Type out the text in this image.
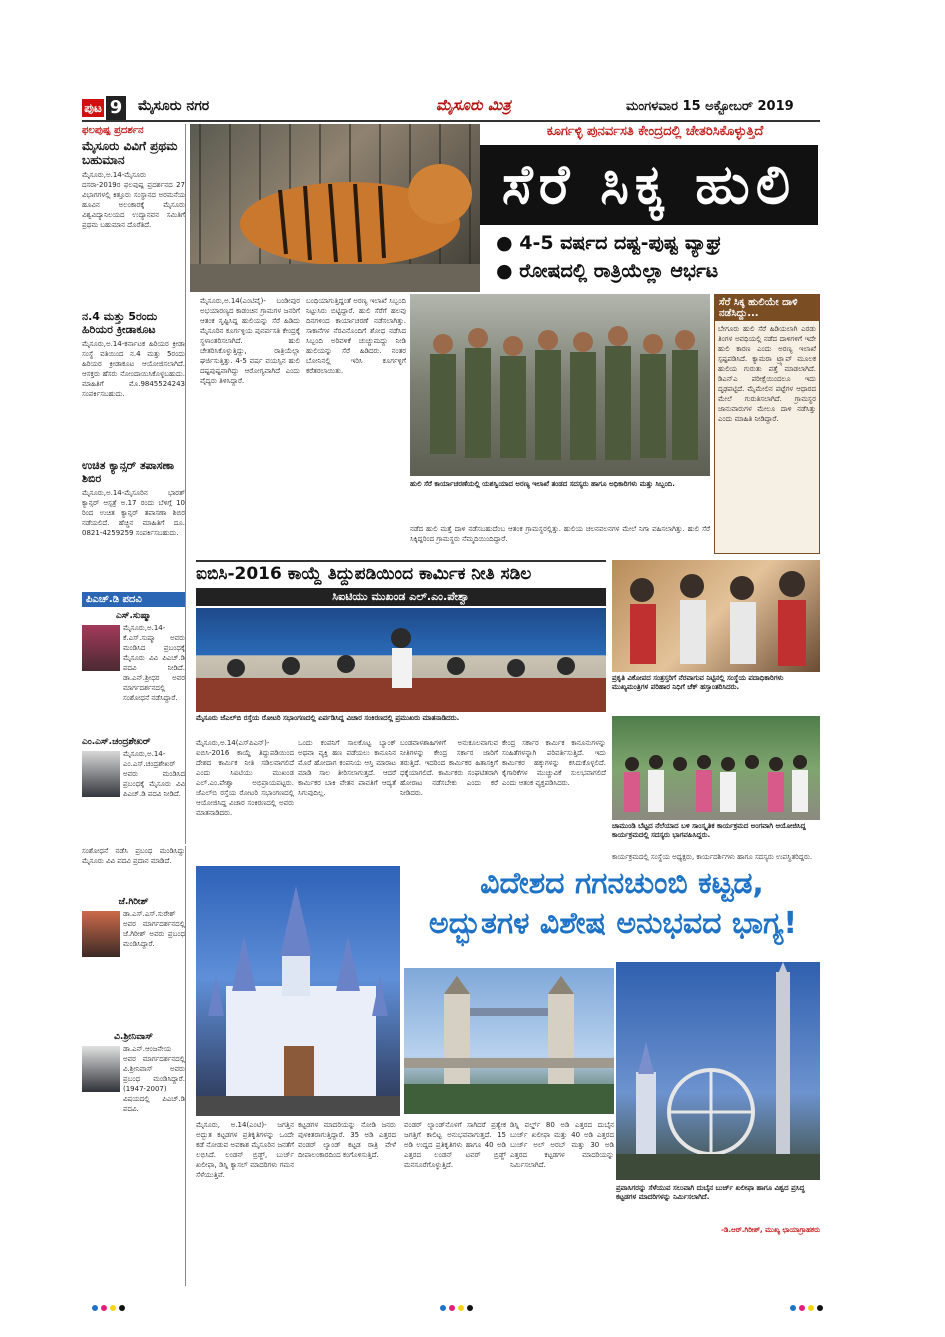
ಪುಟ 9 ಮೈಸೂರು ನಗರ	ಮೈಸೂರು ಮಿತ್ರ	ಮಂಗಳವಾರ 15 ಅಕ್ಟೋಬರ್ 2019
ಫಲಪುಷ್ಪ ಪ್ರದರ್ಶನ
ಮೈಸೂರು ವಿವಿಗೆ ಪ್ರಥಮ ಬಹುಮಾನ
ಮೈಸೂರು,ಅ.14-ಮೈಸೂರು ದಸರಾ-2019ರ ಫಲಪುಷ್ಪ ಪ್ರದರ್ಶನದ 27 ವಿಭಾಗಗಳಲ್ಲಿ ಕಿತ್ತೂರು ಸಂಸ್ಥಾನದ ಅರಮನೆಯ ಹೂವಿನ ಅಲಂಕಾರಕ್ಕೆ ಮೈಸೂರು ವಿಶ್ವವಿದ್ಯಾನಿಲಯದ ಉದ್ಯಾನವನ ಸಮಿತಿಗೆ ಪ್ರಥಮ ಬಹುಮಾನ ದೊರೆತಿದೆ.
ನ.4 ಮತ್ತು 5ರಂದು ಹಿರಿಯರ ಕ್ರೀಡಾಕೂಟ
ಮೈಸೂರು,ಅ.14-ಕರ್ನಾಟಕ ಹಿರಿಯರ ಕ್ರೀಡಾ ಸಂಸ್ಥೆ ವತಿಯಿಂದ ನ.4 ಮತ್ತು 5ರಂದು ಹಿರಿಯರ ಕ್ರೀಡಾಕೂಟ ಆಯೋಜಿಸಲಾಗಿದೆ. ಆಸಕ್ತರು ಹೆಸರು ನೋಂದಾಯಿಸಿಕೊಳ್ಳಬಹುದು. ಮಾಹಿತಿಗೆ ಮೊ.9845524243 ಸಂಪರ್ಕಿಸಬಹುದು.
ಉಚಿತ ಕ್ಯಾನ್ಸರ್ ತಪಾಸಣಾ ಶಿಬಿರ
ಮೈಸೂರು,ಅ.14-ಮೈಸೂರಿನ ಭಾರತ್ ಕ್ಯಾನ್ಸರ್ ಆಸ್ಪತ್ರೆ ಅ.17 ರಂದು ಬೆಳಿಗ್ಗೆ 10 ರಿಂದ ಉಚಿತ ಕ್ಯಾನ್ಸರ್ ತಪಾಸಣಾ ಶಿಬಿರ ನಡೆಯಲಿದೆ. ಹೆಚ್ಚಿನ ಮಾಹಿತಿಗೆ ದೂ. 0821-4259259 ಸಂಪರ್ಕಿಸಬಹುದು.
ಪಿಎಚ್.ಡಿ ಪದವಿ
ಎಸ್.ಸುಷ್ಮಾ
ಮೈಸೂರು,ಅ.14-ಕೆ.ಎಸ್.ಸುಷ್ಮಾ ಅವರು ಮಂಡಿಸಿದ ಪ್ರಬಂಧಕ್ಕೆ ಮೈಸೂರು ವಿವಿ ಪಿಎಚ್.ಡಿ ಪದವಿ ನೀಡಿದೆ. ಡಾ.ಎನ್.ಶ್ರೀಧರ ಅವರ ಮಾರ್ಗದರ್ಶನದಲ್ಲಿ ಸಂಶೋಧನೆ ನಡೆಸಿದ್ದಾರೆ.
ಎಂ.ಎಸ್.ಚಂದ್ರಶೇಖರ್
ಮೈಸೂರು,ಅ.14-ಎಂ.ಎಸ್.ಚಂದ್ರಶೇಖರ್ ಅವರು ಮಂಡಿಸಿದ ಪ್ರಬಂಧಕ್ಕೆ ಮೈಸೂರು ವಿವಿ ಪಿಎಚ್.ಡಿ ಪದವಿ ನೀಡಿದೆ.
ಸಂಶೋಧನೆ ನಡೆಸಿ ಪ್ರಬಂಧ ಮಂಡಿಸಿದ್ದು ಮೈಸೂರು ವಿವಿ ಪದವಿ ಪ್ರದಾನ ಮಾಡಿದೆ.
ಜೆ.ಗಿರೀಶ್
ಡಾ.ಎಸ್.ಎಸ್.ಸುರೇಶ್ ಅವರ ಮಾರ್ಗದರ್ಶನದಲ್ಲಿ ಜೆ.ಗಿರೀಶ್ ಅವರು ಪ್ರಬಂಧ ಮಂಡಿಸಿದ್ದಾರೆ.
ವಿ.ಶ್ರೀನಿವಾಸ್
ಡಾ.ಎನ್.ಆಂಜನೇಯ ಅವರ ಮಾರ್ಗದರ್ಶನದಲ್ಲಿ ವಿ.ಶ್ರೀನಿವಾಸ್ ಅವರು ಪ್ರಬಂಧ ಮಂಡಿಸಿದ್ದಾರೆ. (1947-2007) ವಿಷಯದಲ್ಲಿ ಪಿಎಚ್.ಡಿ ಪದವಿ.
ಕೂರ್ಗಳ್ಳಿ ಪುನರ್ವಸತಿ ಕೇಂದ್ರದಲ್ಲಿ ಚೇತರಿಸಿಕೊಳ್ಳುತ್ತಿದೆ
ಸೆರೆ ಸಿಕ್ಕ ಹುಲಿ
● 4-5 ವರ್ಷದ ದಷ್ಟ-ಪುಷ್ಟ ವ್ಯಾಘ್ರ
● ರೋಷದಲ್ಲಿ ರಾತ್ರಿಯೆಲ್ಲಾ ಆರ್ಭಟ
ಮೈಸೂರು,ಅ.14(ಎಂಟಿವೈ)- ಬಂಡೀಪುರ ಅಭಯಾರಣ್ಯದ ಕಾಡಂಚಿನ ಗ್ರಾಮಗಳ ಜನರಿಗೆ ಆತಂಕ ಸೃಷ್ಟಿಸಿದ್ದ ಹುಲಿಯನ್ನು ಸೆರೆ ಹಿಡಿದು ಮೈಸೂರಿನ ಕೂರ್ಗಳ್ಳಿಯ ಪುನರ್ವಸತಿ ಕೇಂದ್ರಕ್ಕೆ ಸ್ಥಳಾಂತರಿಸಲಾಗಿದೆ. ಹುಲಿ ಚೇತರಿಸಿಕೊಳ್ಳುತ್ತಿದ್ದು, ರಾತ್ರಿಯೆಲ್ಲಾ ಘರ್ಜಿಸುತ್ತಿತ್ತು. 4-5 ವರ್ಷ ವಯಸ್ಸಿನ ಹುಲಿ ದಷ್ಟಪುಷ್ಟವಾಗಿದ್ದು ಆರೋಗ್ಯವಾಗಿದೆ ಎಂದು ವೈದ್ಯರು ತಿಳಿಸಿದ್ದಾರೆ.
ಬಂಧಿಯಾಗುತ್ತಿದ್ದಂತೆ ಅರಣ್ಯ ಇಲಾಖೆ ಸಿಬ್ಬಂದಿ ನಿಟ್ಟುಸಿರು ಬಿಟ್ಟಿದ್ದಾರೆ. ಹುಲಿ ಸೆರೆಗೆ ಹಲವು ದಿನಗಳಿಂದ ಕಾರ್ಯಾಚರಣೆ ನಡೆಸಲಾಗಿತ್ತು. ಸಾಕಾನೆಗಳ ನೆರವಿನೊಂದಿಗೆ ಶೋಧ ನಡೆಸಿದ ಸಿಬ್ಬಂದಿ ಅರಿವಳಿಕೆ ಚುಚ್ಚುಮದ್ದು ನೀಡಿ ಹುಲಿಯನ್ನು ಸೆರೆ ಹಿಡಿದರು. ನಂತರ ಬೋನಿನಲ್ಲಿ ಇರಿಸಿ ಕೂರ್ಗಳ್ಳಿಗೆ ಕರೆತರಲಾಯಿತು.
ಹುಲಿ ಸೆರೆ ಕಾರ್ಯಾಚರಣೆಯಲ್ಲಿ ಯಶಸ್ವಿಯಾದ ಅರಣ್ಯ ಇಲಾಖೆ ತಂಡದ ಸದಸ್ಯರು ಹಾಗೂ ಅಧಿಕಾರಿಗಳು ಮತ್ತು ಸಿಬ್ಬಂದಿ.
ನಡೆದ ಹುಲಿ ಮತ್ತೆ ದಾಳಿ ನಡೆಸಬಹುದೆಂಬ ಆತಂಕ ಗ್ರಾಮಸ್ಥರಲ್ಲಿತ್ತು. ಹುಲಿಯ ಚಲನವಲನಗಳ ಮೇಲೆ ನಿಗಾ ವಹಿಸಲಾಗಿತ್ತು. ಹುಲಿ ಸೆರೆ ಸಿಕ್ಕಿದ್ದರಿಂದ ಗ್ರಾಮಸ್ಥರು ನೆಮ್ಮದಿಯಿಂದಿದ್ದಾರೆ.
ಸೆರೆ ಸಿಕ್ಕ ಹುಲಿಯೇ ದಾಳಿ ನಡೆಸಿದ್ದು...
ಬೇಗೂರು ಹುಲಿ ಸೆರೆ ಹಿಡಿಯಲಾಗಿ ಎರಡು ತಿಂಗಳ ಅವಧಿಯಲ್ಲಿ ನಡೆದ ದಾಳಿಗಳಿಗೆ ಇದೇ ಹುಲಿ ಕಾರಣ ಎಂದು ಅರಣ್ಯ ಇಲಾಖೆ ಸ್ಪಷ್ಟಪಡಿಸಿದೆ. ಕ್ಯಾಮರಾ ಟ್ರ್ಯಾಪ್ ಮೂಲಕ ಹುಲಿಯ ಗುರುತು ಪತ್ತೆ ಮಾಡಲಾಗಿದೆ. ಡಿಎನ್‌ಎ ಪರೀಕ್ಷೆಯಿಂದಲೂ ಇದು ದೃಢಪಟ್ಟಿದೆ. ಮೈಮೇಲಿನ ಪಟ್ಟೆಗಳ ಆಧಾರದ ಮೇಲೆ ಗುರುತಿಸಲಾಗಿದೆ. ಗ್ರಾಮಸ್ಥರ ಜಾನುವಾರುಗಳ ಮೇಲೂ ದಾಳಿ ನಡೆಸಿತ್ತು ಎಂದು ಮಾಹಿತಿ ನೀಡಿದ್ದಾರೆ.
ಐಬಿಸಿ-2016 ಕಾಯ್ದೆ ತಿದ್ದುಪಡಿಯಿಂದ ಕಾರ್ಮಿಕ ನೀತಿ ಸಡಿಲ
ಸಿಐಟಿಯು ಮುಖಂಡ ಎಲ್.ಎಂ.ಪೇಶ್ವಾ
ಮೈಸೂರು ಜೆಎಲ್‌ಬಿ ರಸ್ತೆಯ ರೋಟರಿ ಸಭಾಂಗಣದಲ್ಲಿ ಏರ್ಪಡಿಸಿದ್ದ ವಿಚಾರ ಸಂಕಿರಣದಲ್ಲಿ ಪ್ರಮುಖರು ಮಾತನಾಡಿದರು.
ಮೈಸೂರು,ಅ.14(ಎಸ್‌ಪಿಎನ್)- ಐಬಿಸಿ-2016 ಕಾಯ್ದೆ ತಿದ್ದುಪಡಿಯಿಂದ ದೇಶದ ಕಾರ್ಮಿಕ ನೀತಿ ಸಡಿಲವಾಗಲಿದೆ ಎಂದು ಸಿಐಟಿಯು ಮುಖಂಡ ಎಲ್.ಎಂ.ಪೇಶ್ವಾ ಅಭಿಪ್ರಾಯಪಟ್ಟರು. ಜೆಎಲ್‌ಬಿ ರಸ್ತೆಯ ರೋಟರಿ ಸಭಾಂಗಣದಲ್ಲಿ ಆಯೋಜಿಸಿದ್ದ ವಿಚಾರ ಸಂಕಿರಣದಲ್ಲಿ ಅವರು ಮಾತನಾಡಿದರು.
ಒಂದು ಕಂಪನಿಗೆ ಸಾಲಕೊಟ್ಟ ಬ್ಯಾಂಕ್ ಅಥವಾ ವ್ಯಕ್ತಿ ಹಣ ಪಡೆಯಲು ಕಾನೂನಿನ ಮೊರೆ ಹೋದಾಗ ಕಂಪನಿಯ ಆಸ್ತಿ ಮಾರಾಟ ಮಾಡಿ ಸಾಲ ತೀರಿಸಲಾಗುತ್ತದೆ. ಆದರೆ ಕಾರ್ಮಿಕರ ಬಾಕಿ ವೇತನ ಪಾವತಿಗೆ ಆದ್ಯತೆ ಸಿಗುವುದಿಲ್ಲ.
ಬಂಡವಾಳಶಾಹಿಗಳಿಗೆ ಅನುಕೂಲವಾಗುವ ನೀತಿಗಳನ್ನು ಕೇಂದ್ರ ಸರ್ಕಾರ ಜಾರಿಗೆ ತರುತ್ತಿದೆ. ಇದರಿಂದ ಕಾರ್ಮಿಕರ ಹಿತಾಸಕ್ತಿಗೆ ಧಕ್ಕೆಯಾಗಲಿದೆ. ಕಾರ್ಮಿಕರು ಸಂಘಟಿತರಾಗಿ ಹೋರಾಟ ನಡೆಸಬೇಕು ಎಂದು ಕರೆ ನೀಡಿದರು.
ಕೇಂದ್ರ ಸರ್ಕಾರ ಕಾರ್ಮಿಕ ಕಾನೂನುಗಳನ್ನು ಸಂಹಿತೆಗಳನ್ನಾಗಿ ಪರಿವರ್ತಿಸುತ್ತಿದೆ. ಇದು ಕಾರ್ಮಿಕರ ಹಕ್ಕುಗಳನ್ನು ಕಸಿದುಕೊಳ್ಳಲಿದೆ. ಕೈಗಾರಿಕೆಗಳ ಮುಚ್ಚುವಿಕೆ ಸುಲಭವಾಗಲಿದೆ ಎಂದು ಆತಂಕ ವ್ಯಕ್ತಪಡಿಸಿದರು.
ಪ್ರಕೃತಿ ವಿಕೋಪದ ಸಂತ್ರಸ್ತರಿಗೆ ನೆರವಾಗುವ ನಿಟ್ಟಿನಲ್ಲಿ ಸಂಸ್ಥೆಯ ಪದಾಧಿಕಾರಿಗಳು ಮುಖ್ಯಮಂತ್ರಿಗಳ ಪರಿಹಾರ ನಿಧಿಗೆ ಚೆಕ್ ಹಸ್ತಾಂತರಿಸಿದರು.
ಚಾಮುಂಡಿ ಬೆಟ್ಟದ ನೆಲೆಯಾದ ಬಳಿ ಸಾಂಸ್ಕೃತಿಕ ಕಾರ್ಯಕ್ರಮದ ಅಂಗವಾಗಿ ಆಯೋಜಿಸಿದ್ದ ಕಾರ್ಯಕ್ರಮದಲ್ಲಿ ಸದಸ್ಯರು ಭಾಗವಹಿಸಿದ್ದರು.
ಕಾರ್ಯಕ್ರಮದಲ್ಲಿ ಸಂಸ್ಥೆಯ ಅಧ್ಯಕ್ಷರು, ಕಾರ್ಯದರ್ಶಿಗಳು ಹಾಗೂ ಸದಸ್ಯರು ಉಪಸ್ಥಿತರಿದ್ದರು.
ವಿದೇಶದ ಗಗನಚುಂಬಿ ಕಟ್ಟಡ,
ಅದ್ಭುತಗಳ ವಿಶೇಷ ಅನುಭವದ ಭಾಗ್ಯ!
ಪ್ರವಾಸಿಗರನ್ನು ಸೆಳೆಯುವ ಸಲುವಾಗಿ ದುಬೈನ ಬುರ್ಜ್ ಖಲೀಫಾ ಹಾಗೂ ವಿಶ್ವದ ಪ್ರಸಿದ್ಧ ಕಟ್ಟಡಗಳ ಮಾದರಿಗಳನ್ನು ನಿರ್ಮಿಸಲಾಗಿದೆ.
-ಡಿ.ಆರ್.ಗಿರೀಶ್, ಮುಖ್ಯ ಛಾಯಾಗ್ರಾಹಕರು
ಮೈಸೂರು, ಅ.14(ಎಂಟಿ)- ಜಗತ್ತಿನ ಅದ್ಭುತ ಕಟ್ಟಡಗಳ ಪ್ರತಿಕೃತಿಗಳನ್ನು ಒಂದೇ ಕಡೆ ನೋಡುವ ಅವಕಾಶ ಮೈಸೂರಿನ ಜನತೆಗೆ ಲಭಿಸಿದೆ. ಲಂಡನ್ ಬ್ರಿಡ್ಜ್, ಬುರ್ಜ್ ಖಲೀಫಾ, ಡಿಸ್ನಿ ಕ್ಯಾಸಲ್ ಮಾದರಿಗಳು ಗಮನ ಸೆಳೆಯುತ್ತಿವೆ.
ಕಟ್ಟಡಗಳ ಮಾದರಿಯನ್ನು ನೋಡಿ ಜನರು ಪುಳಕಿತರಾಗುತ್ತಿದ್ದಾರೆ. 35 ಅಡಿ ಎತ್ತರದ ವಂಡರ್ ಲ್ಯಾಂಡ್ ಕಟ್ಟಡ ರಾತ್ರಿ ವೇಳೆ ದೀಪಾಲಂಕಾರದಿಂದ ಕಂಗೊಳಿಸುತ್ತಿದೆ.
ವಂಡರ್ ಲ್ಯಾಂಡ್‌ನೊಳಗೆ ಸಾಗಿದರೆ ಪ್ರತ್ಯೇಕ ಜಗತ್ತಿಗೆ ಕಾಲಿಟ್ಟ ಅನುಭವವಾಗುತ್ತದೆ. 15 ಅಡಿ ಉದ್ದದ ಪ್ರತಿಕೃತಿಗಳು ಹಾಗೂ 40 ಅಡಿ ಎತ್ತರದ ಲಂಡನ್ ಟವರ್ ಬ್ರಿಡ್ಜ್ ಮನಸೂರೆಗೊಳ್ಳುತ್ತಿದೆ.
ಡಿಸ್ನಿ ವರ್ಲ್ಡ್ 80 ಅಡಿ ಎತ್ತರದ ದುಬೈನ ಬುರ್ಜ್ ಖಲೀಫಾ ಮತ್ತು 40 ಅಡಿ ಎತ್ತರದ ಬುರ್ಜ್ ಅಲ್ ಅರಬ್ ಮತ್ತು 30 ಅಡಿ ಎತ್ತರದ ಕಟ್ಟಡಗಳ ಮಾದರಿಯನ್ನು ನಿರ್ಮಿಸಲಾಗಿದೆ.
